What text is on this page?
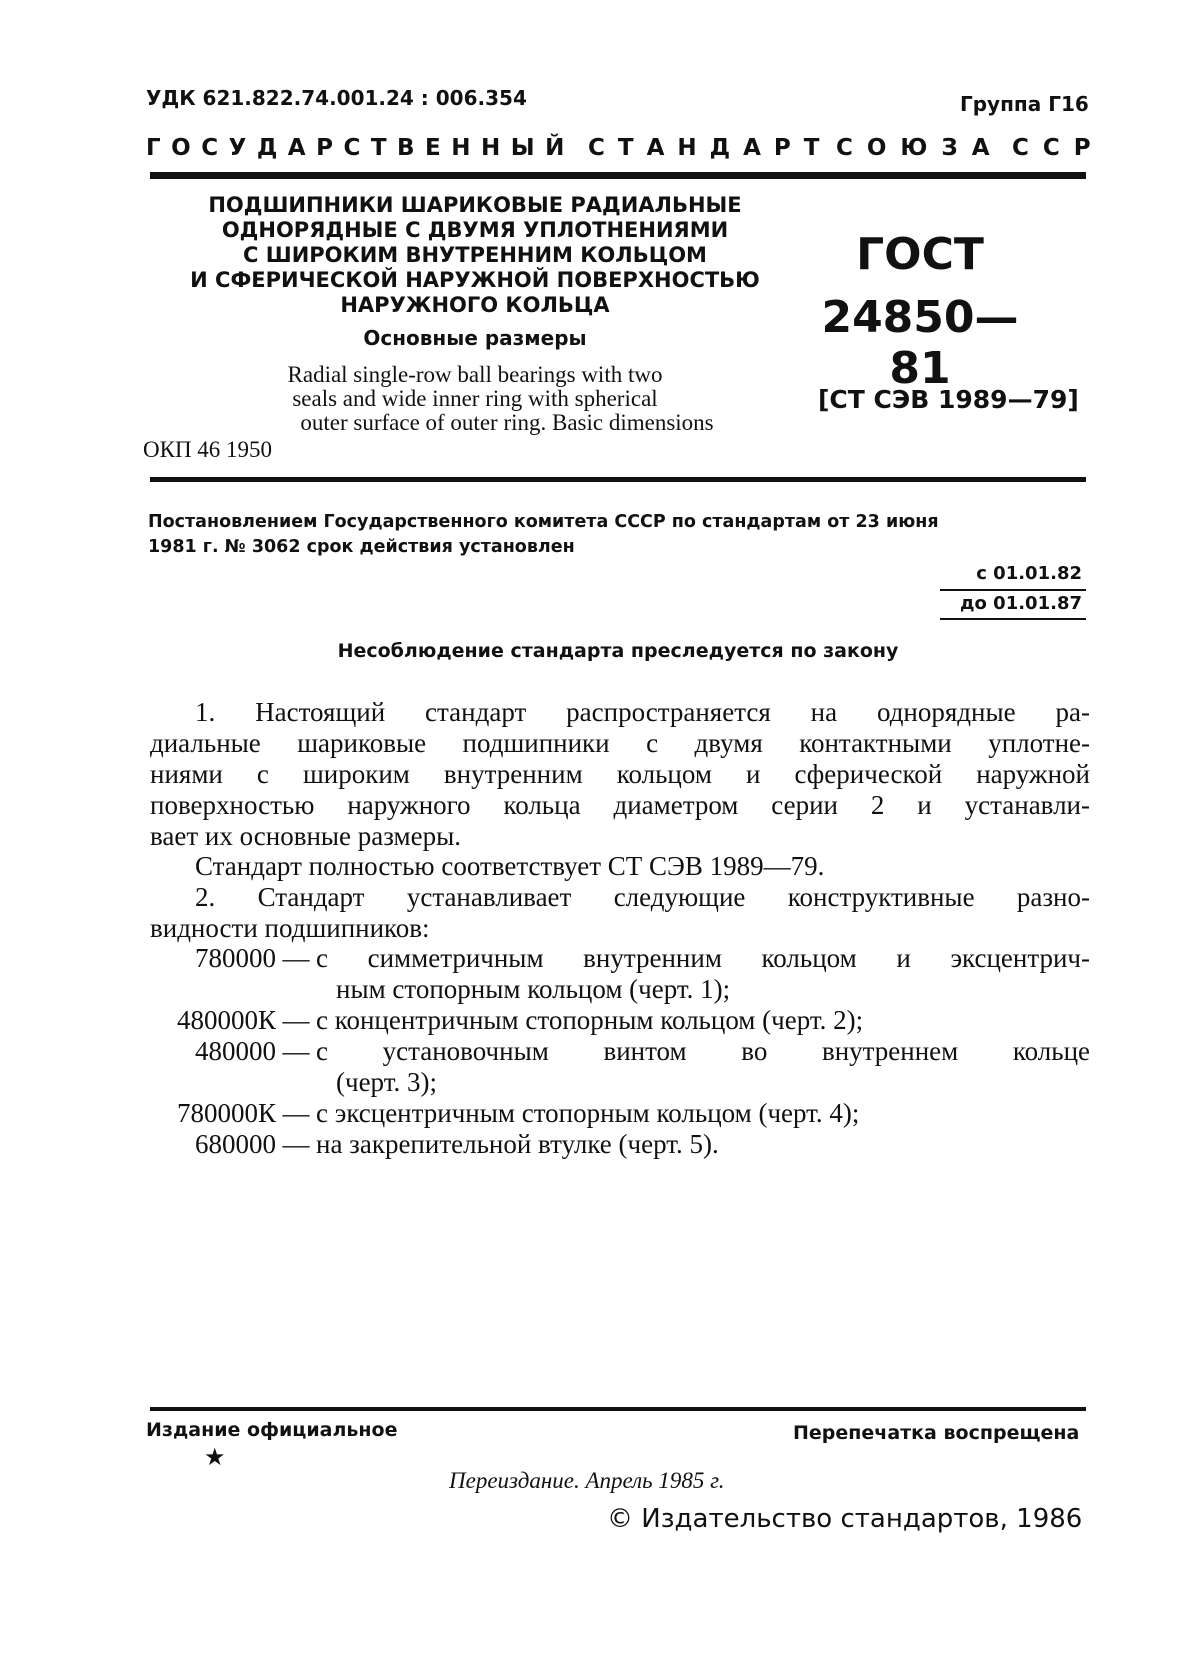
УДК 621.822.74.001.24 : 006.354	Группа Г16
ГОСУДАРСТВЕННЫЙ СТАНДАРТ СОЮЗА ССР
ПОДШИПНИКИ ШАРИКОВЫЕ РАДИАЛЬНЫЕ
ОДНОРЯДНЫЕ С ДВУМЯ УПЛОТНЕНИЯМИ
С ШИРОКИМ ВНУТРЕННИМ КОЛЬЦОМ
И СФЕРИЧЕСКОЙ НАРУЖНОЙ ПОВЕРХНОСТЬЮ
НАРУЖНОГО КОЛЬЦА
Основные размеры
Radial single-row ball bearings with two
seals and wide inner ring with spherical
outer surface of outer ring. Basic dimensions
ОКП 46 1950
ГОСТ
24850—81
[СТ СЭВ 1989—79]
Постановлением Государственного комитета СССР по стандартам от 23 июня
1981 г. № 3062 срок действия установлен
с 01.01.82
до 01.01.87
Несоблюдение стандарта преследуется по закону
1. Настоящий стандарт распространяется на однорядные ра-
диальные шариковые подшипники с двумя контактными уплотне-
ниями с широким внутренним кольцом и сферической наружной
поверхностью наружного кольца диаметром серии 2 и устанавли-
вает их основные размеры.
Стандарт полностью соответствует СТ СЭВ 1989—79.
2. Стандарт устанавливает следующие конструктивные разно-
видности подшипников:
780000 — с симметричным внутренним кольцом и эксцентрич-
ным стопорным кольцом (черт. 1);
480000К — с концентричным стопорным кольцом (черт. 2);
480000 — с установочным винтом во внутреннем кольце
(черт. 3);
780000К — с эксцентричным стопорным кольцом (черт. 4);
680000 — на закрепительной втулке (черт. 5).
Издание официальное	Перепечатка воспрещена
★
Переиздание. Апрель 1985 г.
© Издательство стандартов, 1986
